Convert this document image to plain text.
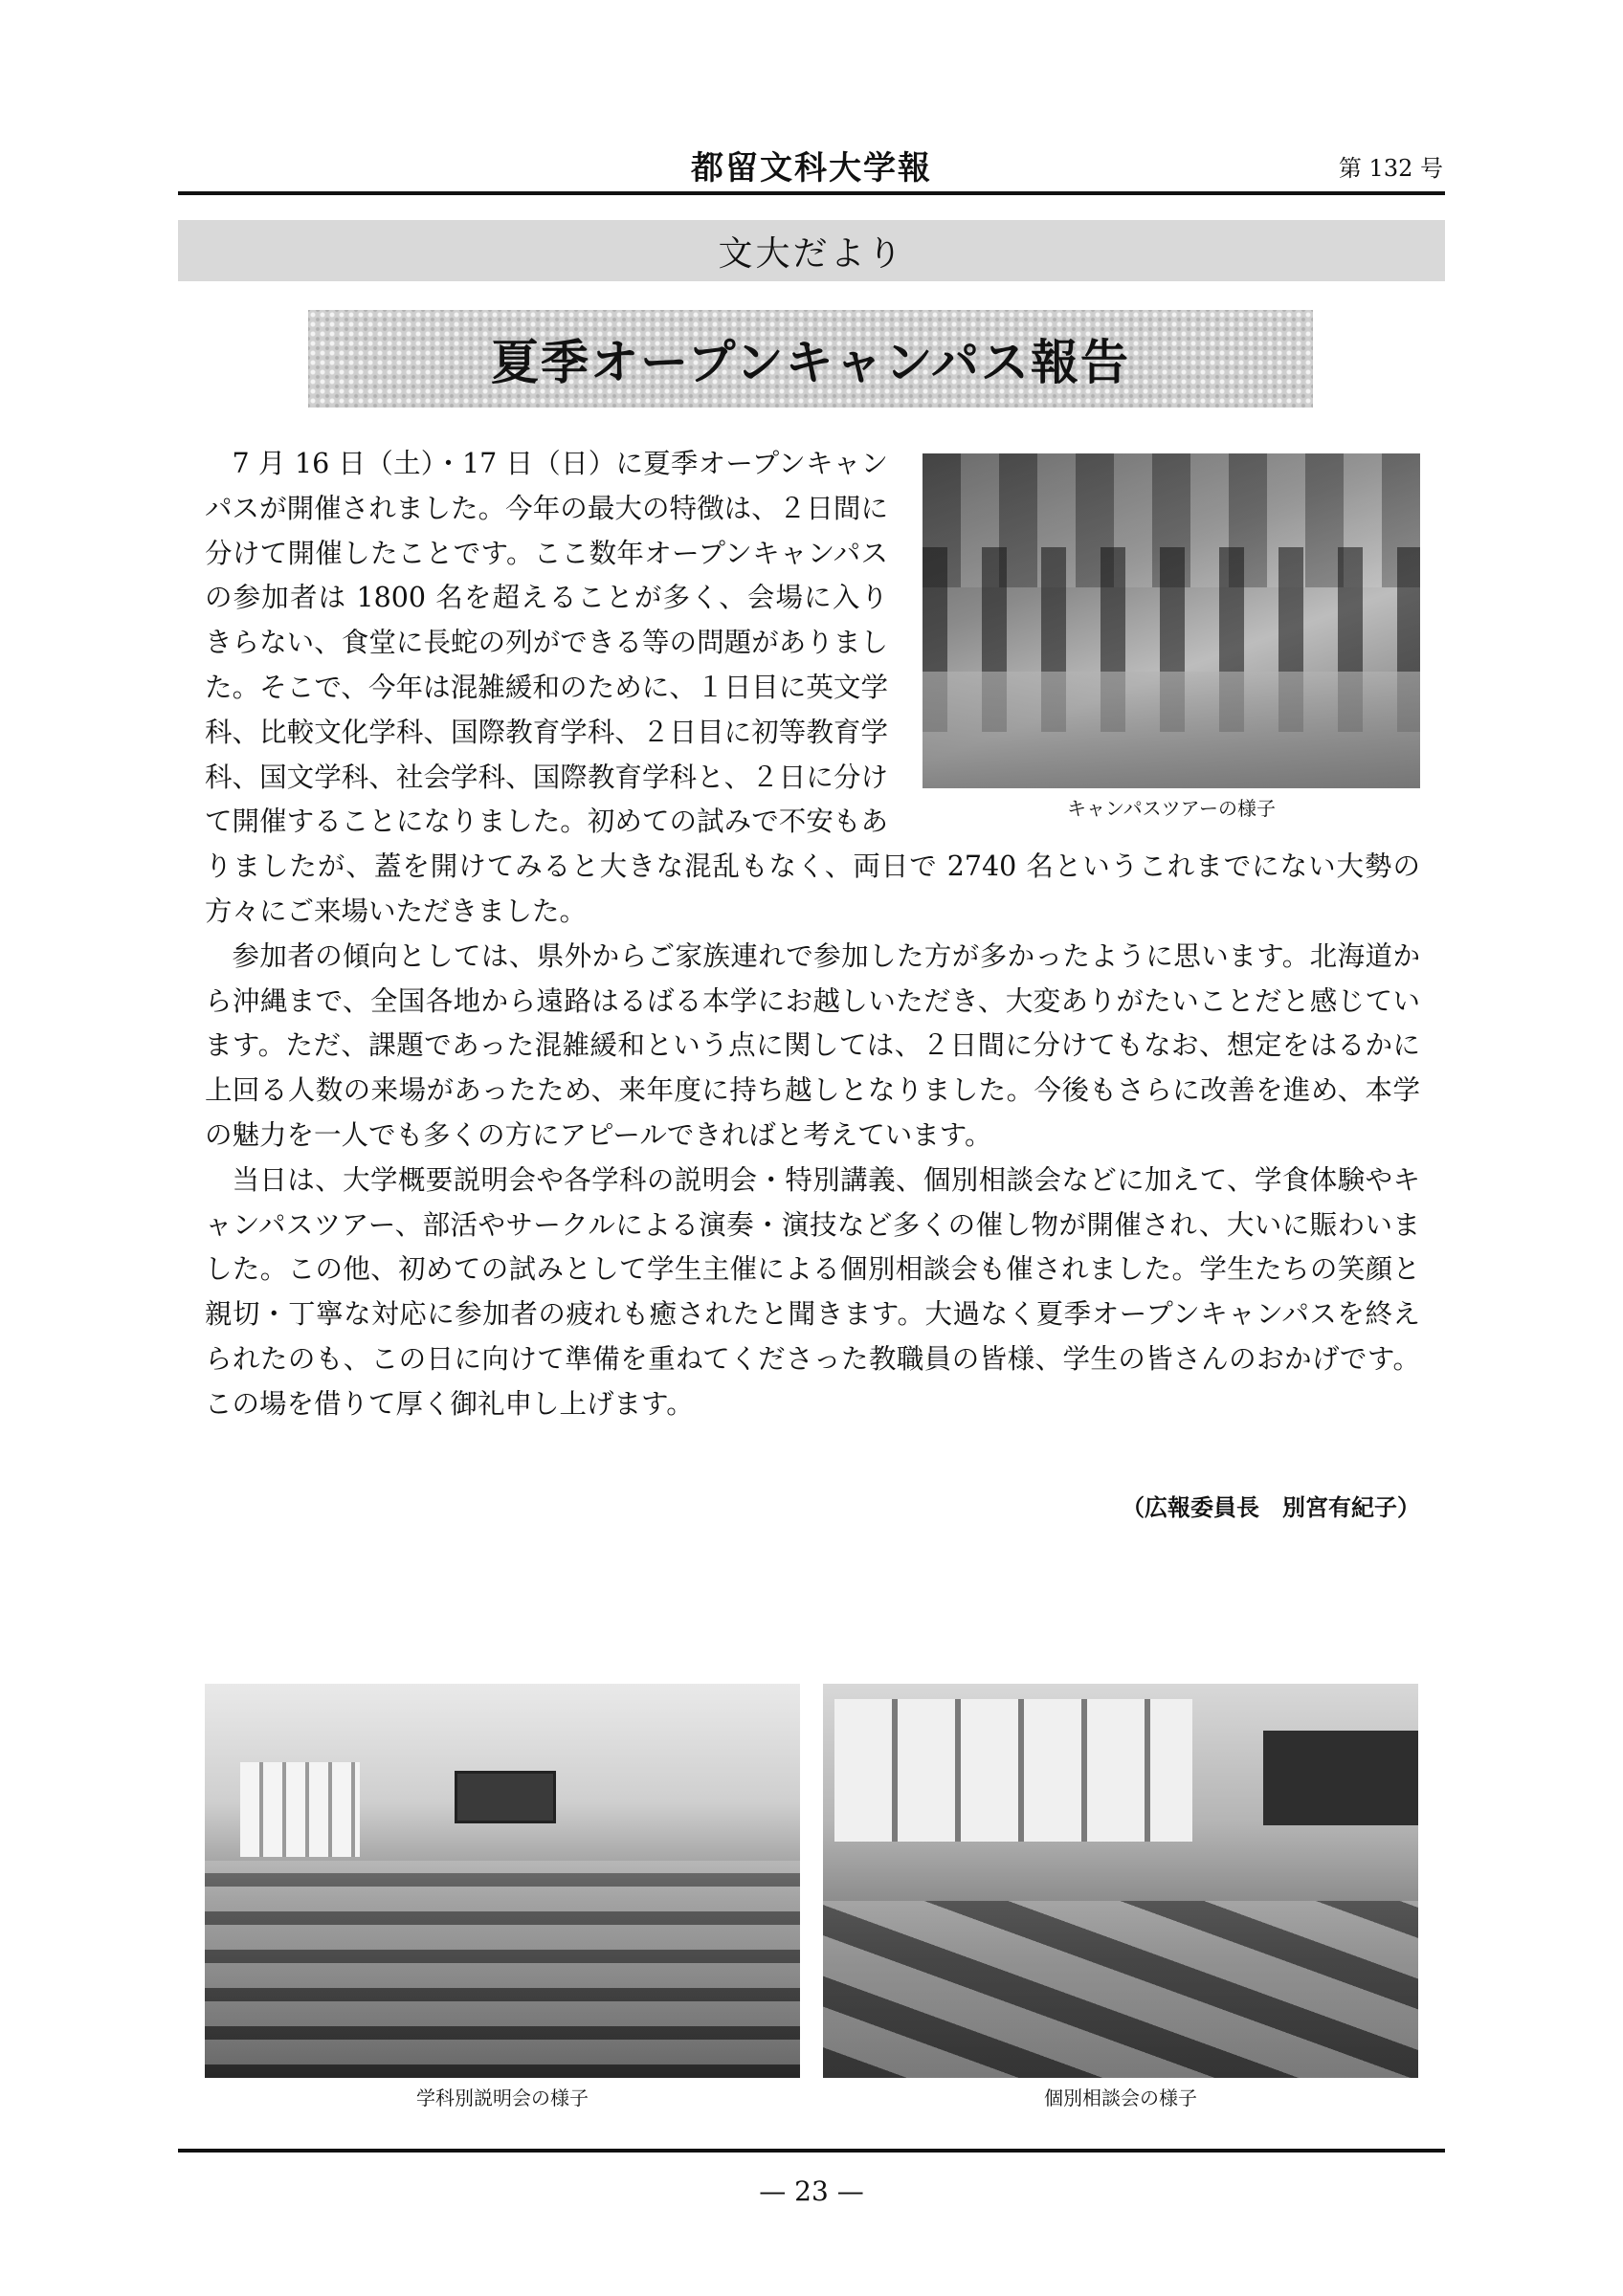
都留文科大学報	第 132 号
文大だより
夏季オープンキャンパス報告
キャンパスツアーの様子

7 月 16 日（土）・17 日（日）に夏季オープンキャンパスが開催されました。今年の最大の特徴は、２日間に分けて開催したことです。ここ数年オープンキャンパスの参加者は 1800 名を超えることが多く、会場に入りきらない、食堂に長蛇の列ができる等の問題がありました。そこで、今年は混雑緩和のために、１日目に英文学科、比較文化学科、国際教育学科、２日目に初等教育学科、国文学科、社会学科、国際教育学科と、２日に分けて開催することになりました。初めての試みで不安もありましたが、蓋を開けてみると大きな混乱もなく、両日で 2740 名というこれまでにない大勢の方々にご来場いただきました。

参加者の傾向としては、県外からご家族連れで参加した方が多かったように思います。北海道から沖縄まで、全国各地から遠路はるばる本学にお越しいただき、大変ありがたいことだと感じています。ただ、課題であった混雑緩和という点に関しては、２日間に分けてもなお、想定をはるかに上回る人数の来場があったため、来年度に持ち越しとなりました。今後もさらに改善を進め、本学の魅力を一人でも多くの方にアピールできればと考えています。

当日は、大学概要説明会や各学科の説明会・特別講義、個別相談会などに加えて、学食体験やキャンパスツアー、部活やサークルによる演奏・演技など多くの催し物が開催され、大いに賑わいました。この他、初めての試みとして学生主催による個別相談会も催されました。学生たちの笑顔と親切・丁寧な対応に参加者の疲れも癒されたと聞きます。大過なく夏季オープンキャンパスを終えられたのも、この日に向けて準備を重ねてくださった教職員の皆様、学生の皆さんのおかげです。この場を借りて厚く御礼申し上げます。

（広報委員長　別宮有紀子）
学科別説明会の様子	個別相談会の様子
— 23 —
